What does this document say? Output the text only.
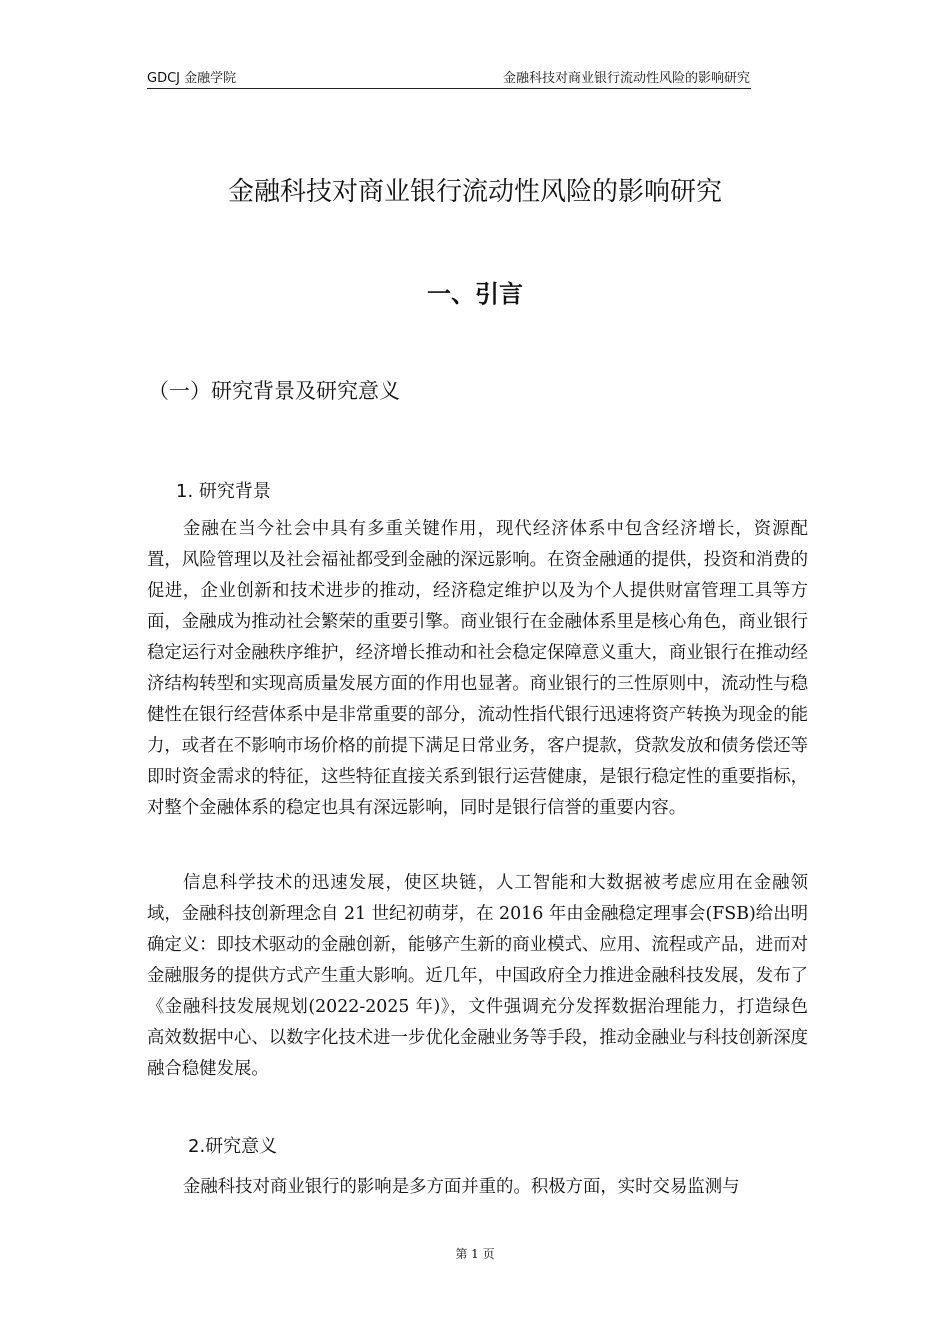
GDCJ 金融学院	金融科技对商业银行流动性风险的影响研究
金融科技对商业银行流动性风险的影响研究
一、引言
（一）研究背景及研究意义
1. 研究背景

金融在当今社会中具有多重关键作用，现代经济体系中包含经济增长，资源配置，风险管理以及社会福祉都受到金融的深远影响。在资金融通的提供，投资和消费的促进，企业创新和技术进步的推动，经济稳定维护以及为个人提供财富管理工具等方面，金融成为推动社会繁荣的重要引擎。商业银行在金融体系里是核心角色，商业银行稳定运行对金融秩序维护，经济增长推动和社会稳定保障意义重大，商业银行在推动经济结构转型和实现高质量发展方面的作用也显著。商业银行的三性原则中，流动性与稳健性在银行经营体系中是非常重要的部分，流动性指代银行迅速将资产转换为现金的能力，或者在不影响市场价格的前提下满足日常业务，客户提款，贷款发放和债务偿还等即时资金需求的特征，这些特征直接关系到银行运营健康，是银行稳定性的重要指标，对整个金融体系的稳定也具有深远影响，同时是银行信誉的重要内容。

信息科学技术的迅速发展，使区块链，人工智能和大数据被考虑应用在金融领域，金融科技创新理念自 21 世纪初萌芽，在 2016 年由金融稳定理事会(FSB)给出明确定义：即技术驱动的金融创新，能够产生新的商业模式、应用、流程或产品，进而对金融服务的提供方式产生重大影响。近几年，中国政府全力推进金融科技发展，发布了《金融科技发展规划(2022-2025 年)》，文件强调充分发挥数据治理能力，打造绿色高效数据中心、以数字化技术进一步优化金融业务等手段，推动金融业与科技创新深度融合稳健发展。

2.研究意义

金融科技对商业银行的影响是多方面并重的。积极方面，实时交易监测与

第 1 页
